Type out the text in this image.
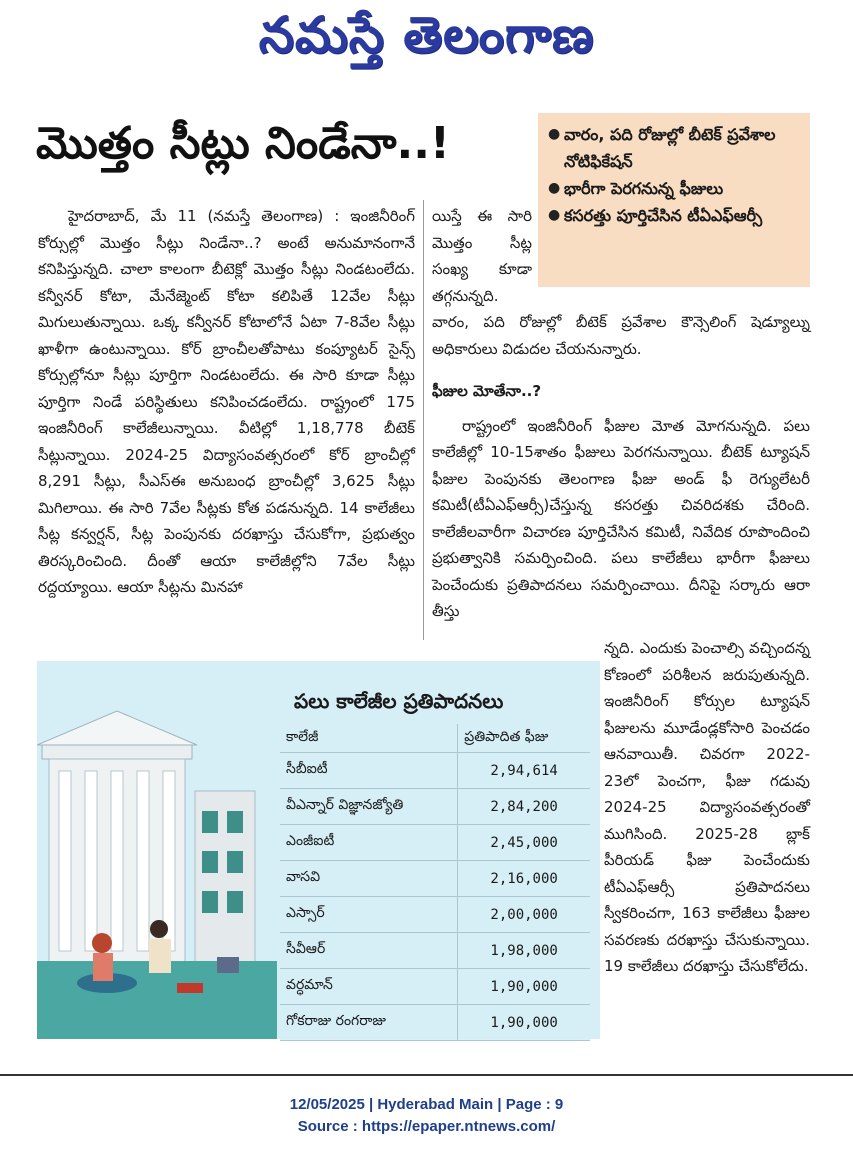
నమస్తే తెలంగాణ
మొత్తం సీట్లు నిండేనా..!	● వారం, పది రోజుల్లో బీటెక్ ప్రవేశాల నోటిఫికేషన్
● భారీగా పెరగనున్న ఫీజులు
● కసరత్తు పూర్తిచేసిన టీఏఎఫ్ఆర్సీ

హైదరాబాద్, మే 11 (నమస్తే తెలంగాణ) : ఇంజినీరింగ్ కోర్సుల్లో మొత్తం సీట్లు నిండేనా..? అంటే అనుమానంగానే కనిపిస్తున్నది. చాలా కాలంగా బీటెక్లో మొత్తం సీట్లు నిండటంలేదు. కన్వీనర్ కోటా, మేనేజ్మెంట్ కోటా కలిపితే 12వేల సీట్లు మిగులుతున్నాయి. ఒక్క కన్వీనర్ కోటాలోనే ఏటా 7-8వేల సీట్లు ఖాళీగా ఉంటున్నాయి. కోర్ బ్రాంచీలతోపాటు కంప్యూటర్ సైన్స్ కోర్సుల్లోనూ సీట్లు పూర్తిగా నిండటంలేదు. ఈ సారి కూడా సీట్లు పూర్తిగా నిండే పరిస్థితులు కనిపించడంలేదు. రాష్ట్రంలో 175 ఇంజినీరింగ్ కాలేజీలున్నాయి. వీటిల్లో 1,18,778 బీటెక్ సీట్లున్నాయి. 2024-25 విద్యాసంవత్సరంలో కోర్ బ్రాంచీల్లో 8,291 సీట్లు, సీఎస్ఈ అనుబంధ బ్రాంచీల్లో 3,625 సీట్లు మిగిలాయి. ఈ సారి 7వేల సీట్లకు కోత పడనున్నది. 14 కాలేజీలు సీట్ల కన్వర్షన్, సీట్ల పెంపునకు దరఖాస్తు చేసుకోగా, ప్రభుత్వం తిరస్కరించింది. దీంతో ఆయా కాలేజీల్లోని 7వేల సీట్లు రద్దయ్యాయి. ఆయా సీట్లను మినహా

యిస్తే ఈ సారి మొత్తం సీట్ల సంఖ్య కూడా తగ్గనున్నది.

వారం, పది రోజుల్లో బీటెక్ ప్రవేశాల కౌన్సెలింగ్ షెడ్యూల్ను అధికారులు విడుదల చేయనున్నారు.

ఫీజుల మోతేనా..?

రాష్ట్రంలో ఇంజినీరింగ్ ఫీజుల మోత మోగనున్నది. పలు కాలేజీల్లో 10-15శాతం ఫీజులు పెరగనున్నాయి. బీటెక్ ట్యూషన్ ఫీజుల పెంపునకు తెలంగాణ ఫీజు అండ్ ఫీ రెగ్యులేటరీ కమిటీ(టీఏఎఫ్ఆర్సీ)చేస్తున్న కసరత్తు చివరిదశకు చేరింది. కాలేజీలవారీగా విచారణ పూర్తిచేసిన కమిటీ, నివేదిక రూపొందించి ప్రభుత్వానికి సమర్పించింది. పలు కాలేజీలు భారీగా ఫీజులు పెంచేందుకు ప్రతిపాదనలు సమర్పించాయి. దీనిపై సర్కారు ఆరా తీస్తు

న్నది. ఎందుకు పెంచాల్సి వచ్చిందన్న కోణంలో పరిశీలన జరుపుతున్నది. ఇంజినీరింగ్ కోర్సుల ట్యూషన్ ఫీజులను మూడేండ్లకోసారి పెంచడం ఆనవాయితీ. చివరగా 2022-23లో పెంచగా, ఫీజు గడువు 2024-25 విద్యాసంవత్సరంతో ముగిసింది. 2025-28 బ్లాక్ పీరియడ్ ఫీజు పెంచేందుకు టీఏఎఫ్ఆర్సీ ప్రతిపాదనలు స్వీకరించగా, 163 కాలేజీలు ఫీజుల సవరణకు దరఖాస్తు చేసుకున్నాయి. 19 కాలేజీలు దరఖాస్తు చేసుకోలేదు.

పలు కాలేజీల ప్రతిపాదనలు
కాలేజీ	ప్రతిపాదిత ఫీజు
సీబీఐటీ	2,94,614
వీఎన్నార్ విజ్ఞానజ్యోతి	2,84,200
ఎంజీఐటీ	2,45,000
వాసవి	2,16,000
ఎస్సార్	2,00,000
సీవీఆర్	1,98,000
వర్ధమాన్	1,90,000
గోకరాజు రంగరాజు	1,90,000
12/05/2025 | Hyderabad Main | Page : 9
Source : https://epaper.ntnews.com/
